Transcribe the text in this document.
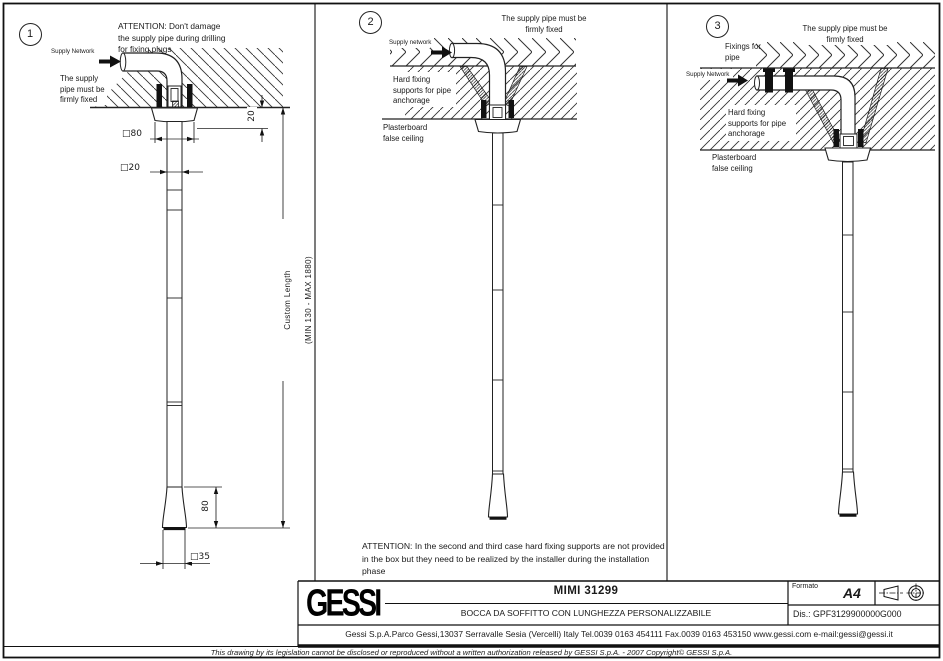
1
2	3
ATTENTION: Don't damage the supply pipe during drilling for fixing plugs
Supply Network
The supply pipe must be firmly fixed
□80
20
□20

Custom Length (MIN 130 - MAX 1880)

80
□35
The supply pipe must be firmly fixed
Supply network
Hard fixing supports for pipe anchorage
Plasterboard false ceiling
The supply pipe must be firmly fixed
Fixings for pipe
Supply Network
Hard fixing supports for pipe anchorage
Plasterboard false ceiling
ATTENTION: In the second and third case hard fixing supports are not provided in the box but they need to be realized by the installer during the installation phase
GESSI	MIMI 31299
BOCCA DA SOFFITTO CON LUNGHEZZA PERSONALIZZABILE
Formato A4
Dis.: GPF3129900000G000
Gessi S.p.A.Parco Gessi,13037 Serravalle Sesia (Vercelli) Italy Tel.0039 0163 454111 Fax.0039 0163 453150 www.gessi.com e-mail:gessi@gessi.it
This drawing by its legislation cannot be disclosed or reproduced without a written authorization released by GESSI S.p.A. - 2007 Copyright© GESSI S.p.A.
